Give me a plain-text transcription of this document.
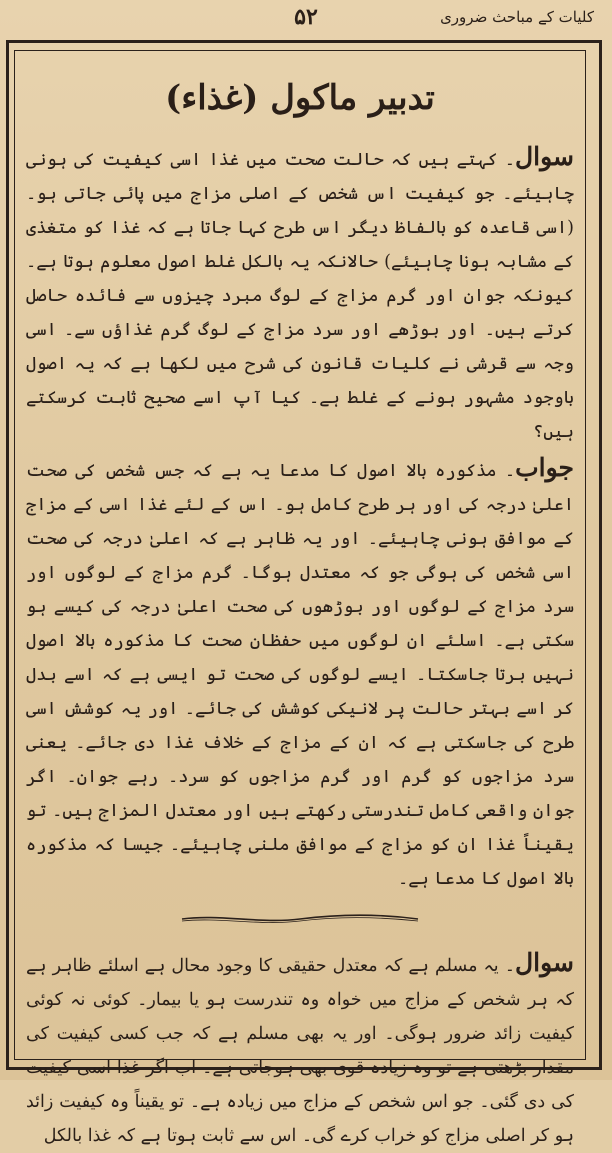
۵۲	کلیات کے مباحث ضروری
تدبیر ماکول (غذاء)

سوال۔ کہتے ہیں کہ حالت صحت میں غذا اسی کیفیت کی ہونی چاہیئے۔ جو کیفیت اس شخص کے اصلی مزاج میں پائی جاتی ہو۔ (اسی قاعدہ کو بالفاظ دیگر اس طرح کہا جاتا ہے کہ غذا کو متغذی کے مشابہ ہونا چاہیئے) حالانکہ یہ بالکل غلط اصول معلوم ہوتا ہے۔ کیونکہ جوان اور گرم مزاج کے لوگ مبرد چیزوں سے فائدہ حاصل کرتے ہیں۔ اور بوڑھے اور سرد مزاج کے لوگ گرم غذاؤں سے۔ اسی وجہ سے قرشی نے کلیات قانون کی شرح میں لکھا ہے کہ یہ اصول باوجود مشہور ہونے کے غلط ہے۔ کیا آپ اسے صحیح ثابت کرسکتے ہیں؟

جواب۔ مذکورہ بالا اصول کا مدعا یہ ہے کہ جس شخص کی صحت اعلیٰ درجہ کی اور ہر طرح کامل ہو۔ اس کے لئے غذا اسی کے مزاج کے موافق ہونی چاہیئے۔ اور یہ ظاہر ہے کہ اعلیٰ درجہ کی صحت اسی شخص کی ہوگی جو کہ معتدل ہوگا۔ گرم مزاج کے لوگوں اور سرد مزاج کے لوگوں اور بوڑھوں کی صحت اعلیٰ درجہ کی کیسے ہو سکتی ہے۔ اسلئے ان لوگوں میں حفظان صحت کا مذکورہ بالا اصول نہیں برتا جاسکتا۔ ایسے لوگوں کی صحت تو ایسی ہے کہ اسے بدل کر اسے بہتر حالت پر لانیکی کوشش کی جائے۔ اور یہ کوشش اسی طرح کی جاسکتی ہے کہ ان کے مزاج کے خلاف غذا دی جائے۔ یعنی سرد مزاجوں کو گرم اور گرم مزاجوں کو سرد۔ رہے جوان۔ اگر جوان واقعی کامل تندرستی رکھتے ہیں اور معتدل المزاج ہیں۔ تو یقیناً غذا ان کو مزاج کے موافق ملنی چاہیئے۔ جیسا کہ مذکورہ بالا اصول کا مدعا ہے۔

سوال۔ یہ مسلم ہے کہ معتدل حقیقی کا وجود محال ہے اسلئے ظاہر ہے کہ ہر شخص کے مزاج میں خواہ وہ تندرست ہو یا بیمار۔ کوئی نہ کوئی کیفیت زائد ضرور ہوگی۔ اور یہ بھی مسلم ہے کہ جب کسی کیفیت کی مقدار بڑھتی ہے تو وہ زیادہ قوی بھی ہوجاتی ہے۔ اب اگر غذا اسی کیفیت کی دی گئی۔ جو اس شخص کے مزاج میں زیادہ ہے۔ تو یقیناً وہ کیفیت زائد ہو کر اصلی مزاج کو خراب کرے گی۔ اس سے ثابت ہوتا ہے کہ غذا بالکل
